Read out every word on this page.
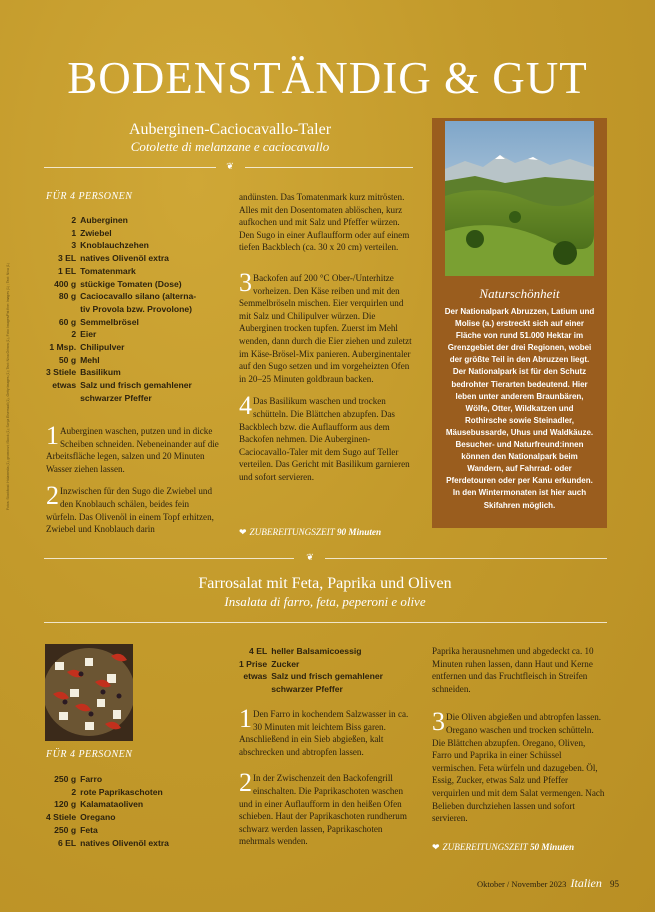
BODENSTÄNDIG & GUT
Auberginen-Caciocavallo-Taler
Cotolette di melanzane e caciocavallo
❦
FÜR 4 PERSONEN
2	Auberginen
1	Zwiebel
3	Knoblauchzehen
3 EL	natives Olivenöl extra
1 EL	Tomatenmark
400 g	stückige Tomaten (Dose)
80 g	Caciocavallo silano (alterna-
	tiv Provola bzw. Provolone)
60 g	Semmelbrösel
2	Eier
1 Msp.	Chilipulver
50 g	Mehl
3 Stiele	Basilikum
etwas	Salz und frisch gemahlener
	schwarzer Pfeffer

1 Auberginen waschen, putzen und in dicke Scheiben schneiden. Nebeneinander auf die Arbeitsfläche legen, salzen und 20 Minuten Wasser ziehen lassen.

2 Inzwischen für den Sugo die Zwiebel und den Knoblauch schälen, beides fein würfeln. Das Olivenöl in einem Topf erhitzen, Zwiebel und Knoblauch darin

andünsten. Das Tomatenmark kurz mitrösten. Alles mit den Dosentomaten ablöschen, kurz aufkochen und mit Salz und Pfeffer würzen. Den Sugo in einer Auflaufform oder auf einem tiefen Backblech (ca. 30 x 20 cm) verteilen.

3 Backofen auf 200 °C Ober-/Unterhitze vorheizen. Den Käse reiben und mit den Semmelbröseln mischen. Eier verquirlen und mit Salz und Chilipulver würzen. Die Auberginen trocken tupfen. Zuerst im Mehl wenden, dann durch die Eier ziehen und zuletzt im Käse-Brösel-Mix panieren. Auberginentaler auf den Sugo setzen und im vorgeheizten Ofen in 20–25 Minuten goldbraun backen.

4 Das Basilikum waschen und trocken schütteln. Die Blättchen abzupfen. Das Backblech bzw. die Auflaufform aus dem Backofen nehmen. Die Auberginen-Caciocavallo-Taler mit dem Sugo auf Teller verteilen. Das Gericht mit Basilikum garnieren und sofort servieren.

❤ ZUBEREITUNGSZEIT 90 Minuten
Naturschönheit
Der Nationalpark Abruzzen, Latium und Molise (a.) erstreckt sich auf einer Fläche von rund 51.000 Hektar im Grenzgebiet der drei Regionen, wobei der größte Teil in den Abruzzen liegt. Der Nationalpark ist für den Schutz bedrohter Tierarten bedeutend. Hier leben unter anderem Braunbären, Wölfe, Otter, Wildkatzen und Rothirsche sowie Steinadler, Mäusebussarde, Uhus und Waldkäuze. Besucher- und Naturfreund:innen können den Nationalpark beim Wandern, auf Fahrrad- oder Pferdetouren oder per Kanu erkunden. In den Wintermonaten ist hier auch Skifahren möglich.
❦
Farrosalat mit Feta, Paprika und Oliven
Insalata di farro, feta, peperoni e olive
FÜR 4 PERSONEN
250 g	Farro
2	rote Paprikaschoten
120 g	Kalamataoliven
4 Stiele	Oregano
250 g	Feta
6 EL	natives Olivenöl extra
4 EL	heller Balsamicoessig
1 Prise	Zucker
etwas	Salz und frisch gemahlener
	schwarzer Pfeffer

1 Den Farro in kochendem Salzwasser in ca. 30 Minuten mit leichtem Biss garen. Anschließend in ein Sieb abgießen, kalt abschrecken und abtropfen lassen.

2 In der Zwischenzeit den Backofengrill einschalten. Die Paprikaschoten waschen und in einer Auflaufform in den heißen Ofen schieben. Haut der Paprikaschoten rundherum schwarz werden lassen, Paprikaschoten mehrmals wenden.

Paprika herausnehmen und abgedeckt ca. 10 Minuten ruhen lassen, dann Haut und Kerne entfernen und das Fruchtfleisch in Streifen schneiden.

3 Die Oliven abgießen und abtropfen lassen. Oregano waschen und trocken schütteln. Die Blättchen abzupfen. Oregano, Oliven, Farro und Paprika in einer Schüssel vermischen. Feta würfeln und dazugeben. Öl, Essig, Zucker, etwas Salz und Pfeffer verquirlen und mit dem Salat vermengen. Nach Belieben durchziehen lassen und sofort servieren.

❤ ZUBEREITUNGSZEIT 50 Minuten
Fotos: Stockfood: Holamedia (1), gromonzi; iStock (1); Sonja Eisenwall (1), Getty Images (1); Text: Nina Grimm (1), Foto: Images/Pat fine: Images (1) ; Text: Nina (1)
Oktober / November 2023 Italien 95
